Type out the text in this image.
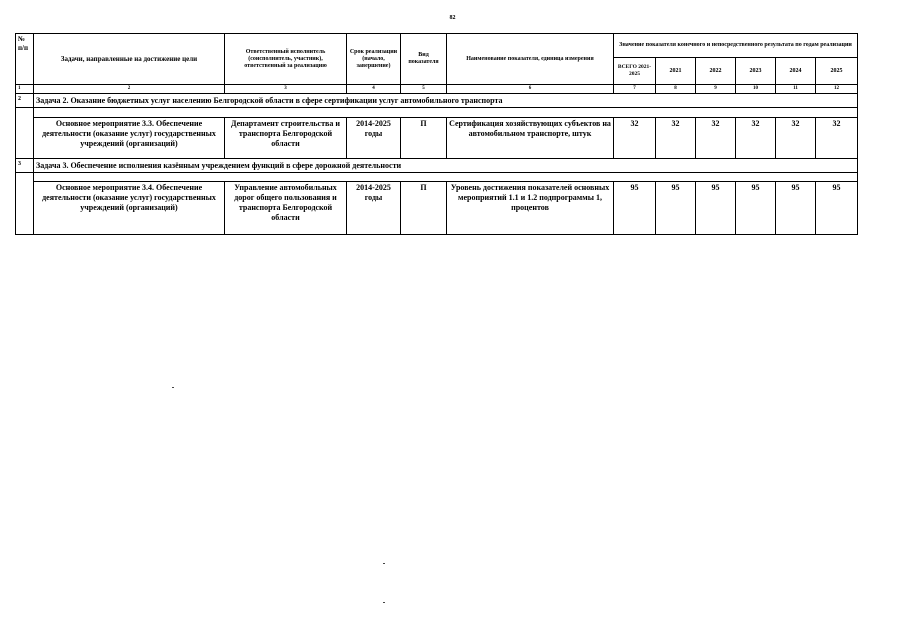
82
№ п/п	Задачи, направленные на достижение цели	Ответственный исполнитель (соисполнитель, участник), ответственный за реализацию	Срок реализации (начало, завершение)	Вид показателя	Наименование показателя, единица измерения	Значение показателя конечного и непосредственного результата по годам реализации					
						ВСЕГО 2021-2025	2021	2022	2023	2024	2025
1	2	3	4	5	6	7	8	9	10	11	12
2	Задача 2. Оказание бюджетных услуг населению Белгородской области в сфере сертификации услуг автомобильного транспорта										

	Основное мероприятие 3.3. Обеспечение деятельности (оказание услуг) государственных учреждений (организаций)	Департамент строительства и транспорта Белгородской области	2014-2025 годы	П	Сертификация хозяйствующих субъектов на автомобильном транспорте, штук	32	32	32	32	32	32
3	Задача 3. Обеспечение исполнения казённым учреждением функций в сфере дорожной деятельности										

	Основное мероприятие 3.4. Обеспечение деятельности (оказание услуг) государственных учреждений (организаций)	Управление автомобильных дорог общего пользования и транспорта Белгородской области	2014-2025 годы	П	Уровень достижения показателей основных мероприятий 1.1 и 1.2 подпрограммы 1, процентов	95	95	95	95	95	95
